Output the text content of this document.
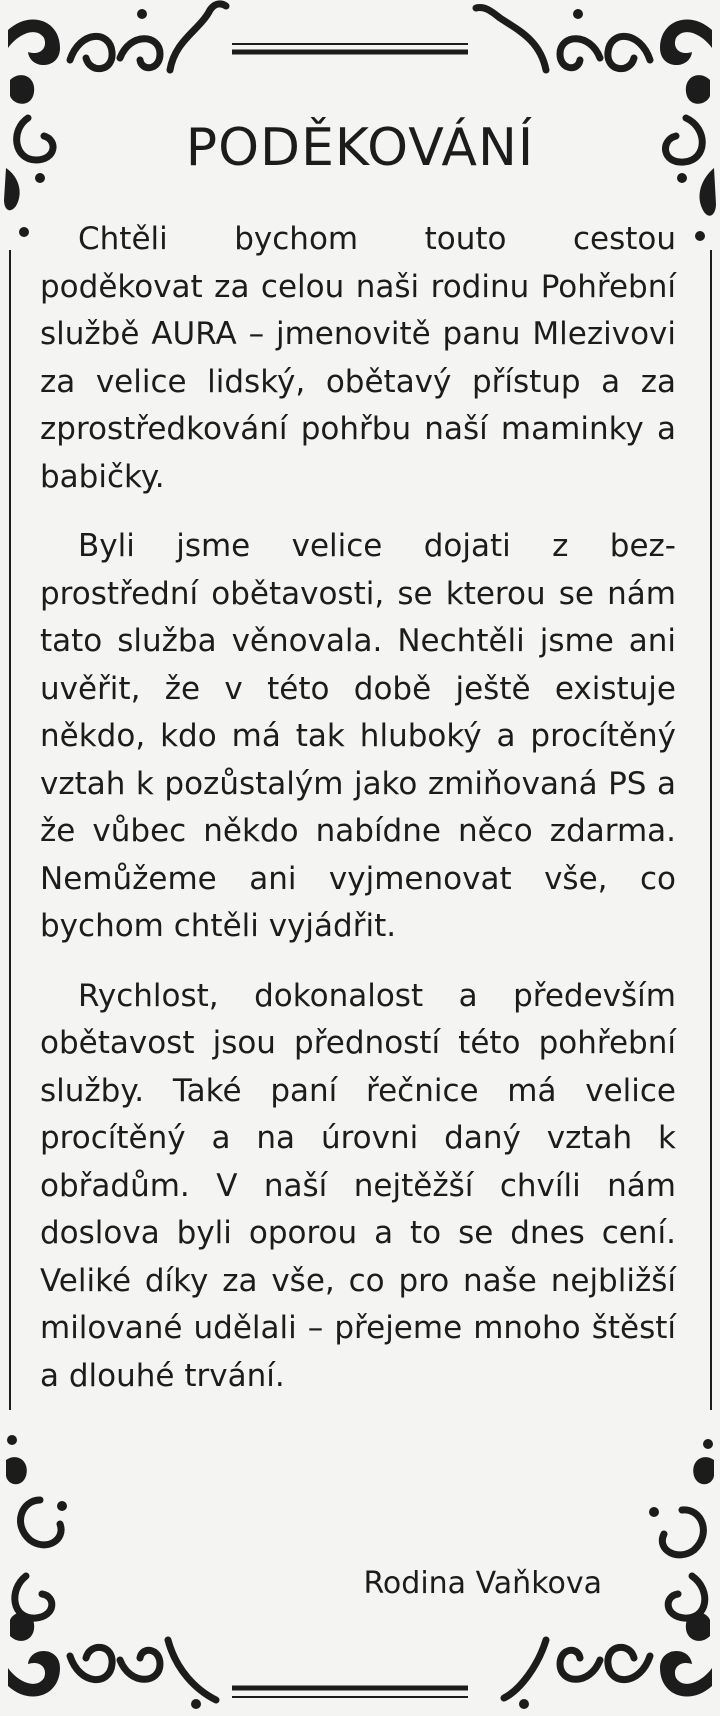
PODĚKOVÁNÍ

Chtěli bychom touto cestou poděkovat za celou naši rodinu Pohřební službě AURA – jmenovitě panu Mlezivovi za velice lidský, obětavý přístup a za zprostředkování pohřbu naší maminky a babičky.

Byli jsme velice dojati z bez-prostřední obětavosti, se kterou se nám tato služba věnovala. Nechtěli jsme ani uvěřit, že v této době ještě existuje někdo, kdo má tak hluboký a procítěný vztah k pozůstalým jako zmiňovaná PS a že vůbec někdo nabídne něco zdarma. Nemůžeme ani vyjmenovat vše, co bychom chtěli vyjádřit.

Rychlost, dokonalost a především obětavost jsou předností této pohřební služby. Také paní řečnice má velice procítěný a na úrovni daný vztah k obřadům. V naší nejtěžší chvíli nám doslova byli oporou a to se dnes cení. Veliké díky za vše, co pro naše nejbližší milované udělali – přejeme mnoho štěstí a dlouhé trvání.

Rodina Vaňkova
